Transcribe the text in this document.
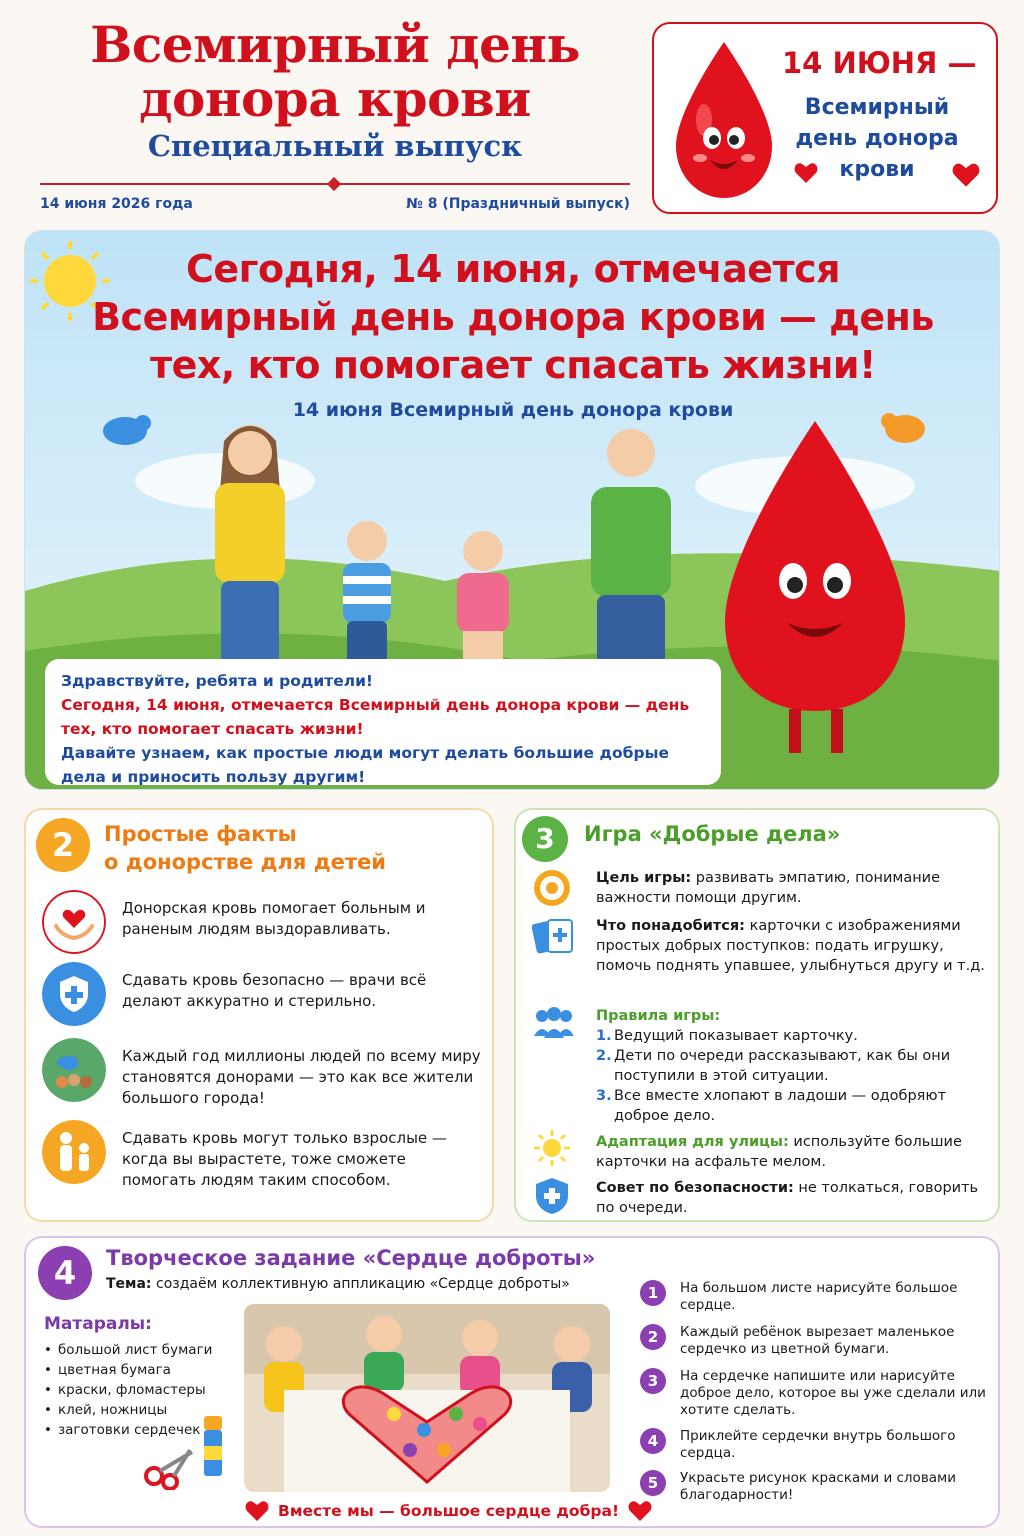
Всемирный день донора крови
Специальный выпуск
14 июня 2026 года	№ 8 (Праздничный выпуск)
14 ИЮНЯ —
Всемирный день донора крови
Сегодня, 14 июня, отмечается Всемирный день донора крови — день тех, кто помогает спасать жизни!
14 июня Всемирный день донора крови
Здравствуйте, ребята и родители!
Сегодня, 14 июня, отмечается Всемирный день донора крови — день тех, кто помогает спасать жизни!
Давайте узнаем, как простые люди могут делать большие добрые дела и приносить пользу другим!
2	Простые факты
о донорстве для детей
Донорская кровь помогает больным и раненым людям выздоравливать.
Сдавать кровь безопасно — врачи всё делают аккуратно и стерильно.
Каждый год миллионы людей по всему миру становятся донорами — это как все жители большого города!
Сдавать кровь могут только взрослые — когда вы вырастете, тоже сможете помогать людям таким способом.
3	Игра «Добрые дела»
Цель игры: развивать эмпатию, понимание важности помощи другим.
Что понадобится: карточки с изображениями простых добрых поступков: подать игрушку, помочь поднять упавшее, улыбнуться другу и т.д.
Правила игры:
1. Ведущий показывает карточку.
2. Дети по очереди рассказывают, как бы они поступили в этой ситуации.
3. Все вместе хлопают в ладоши — одобряют доброе дело.
Адаптация для улицы: используйте большие карточки на асфальте мелом.
Совет по безопасности: не толкаться, говорить по очереди.
4	Творческое задание «Сердце доброты»
Тема: создаём коллективную аппликацию «Сердце доброты»
Матаралы:
• большой лист бумаги
• цветная бумага
• краски, фломастеры
• клей, ножницы
• заготовки сердечек
Вместе мы — большое сердце добра!
1	На большом листе нарисуйте большое сердце.
2	Каждый ребёнок вырезает маленькое сердечко из цветной бумаги.
3	На сердечке напишите или нарисуйте доброе дело, которое вы уже сделали или хотите сделать.
4	Приклейте сердечки внутрь большого сердца.
5	Украсьте рисунок красками и словами благодарности!
